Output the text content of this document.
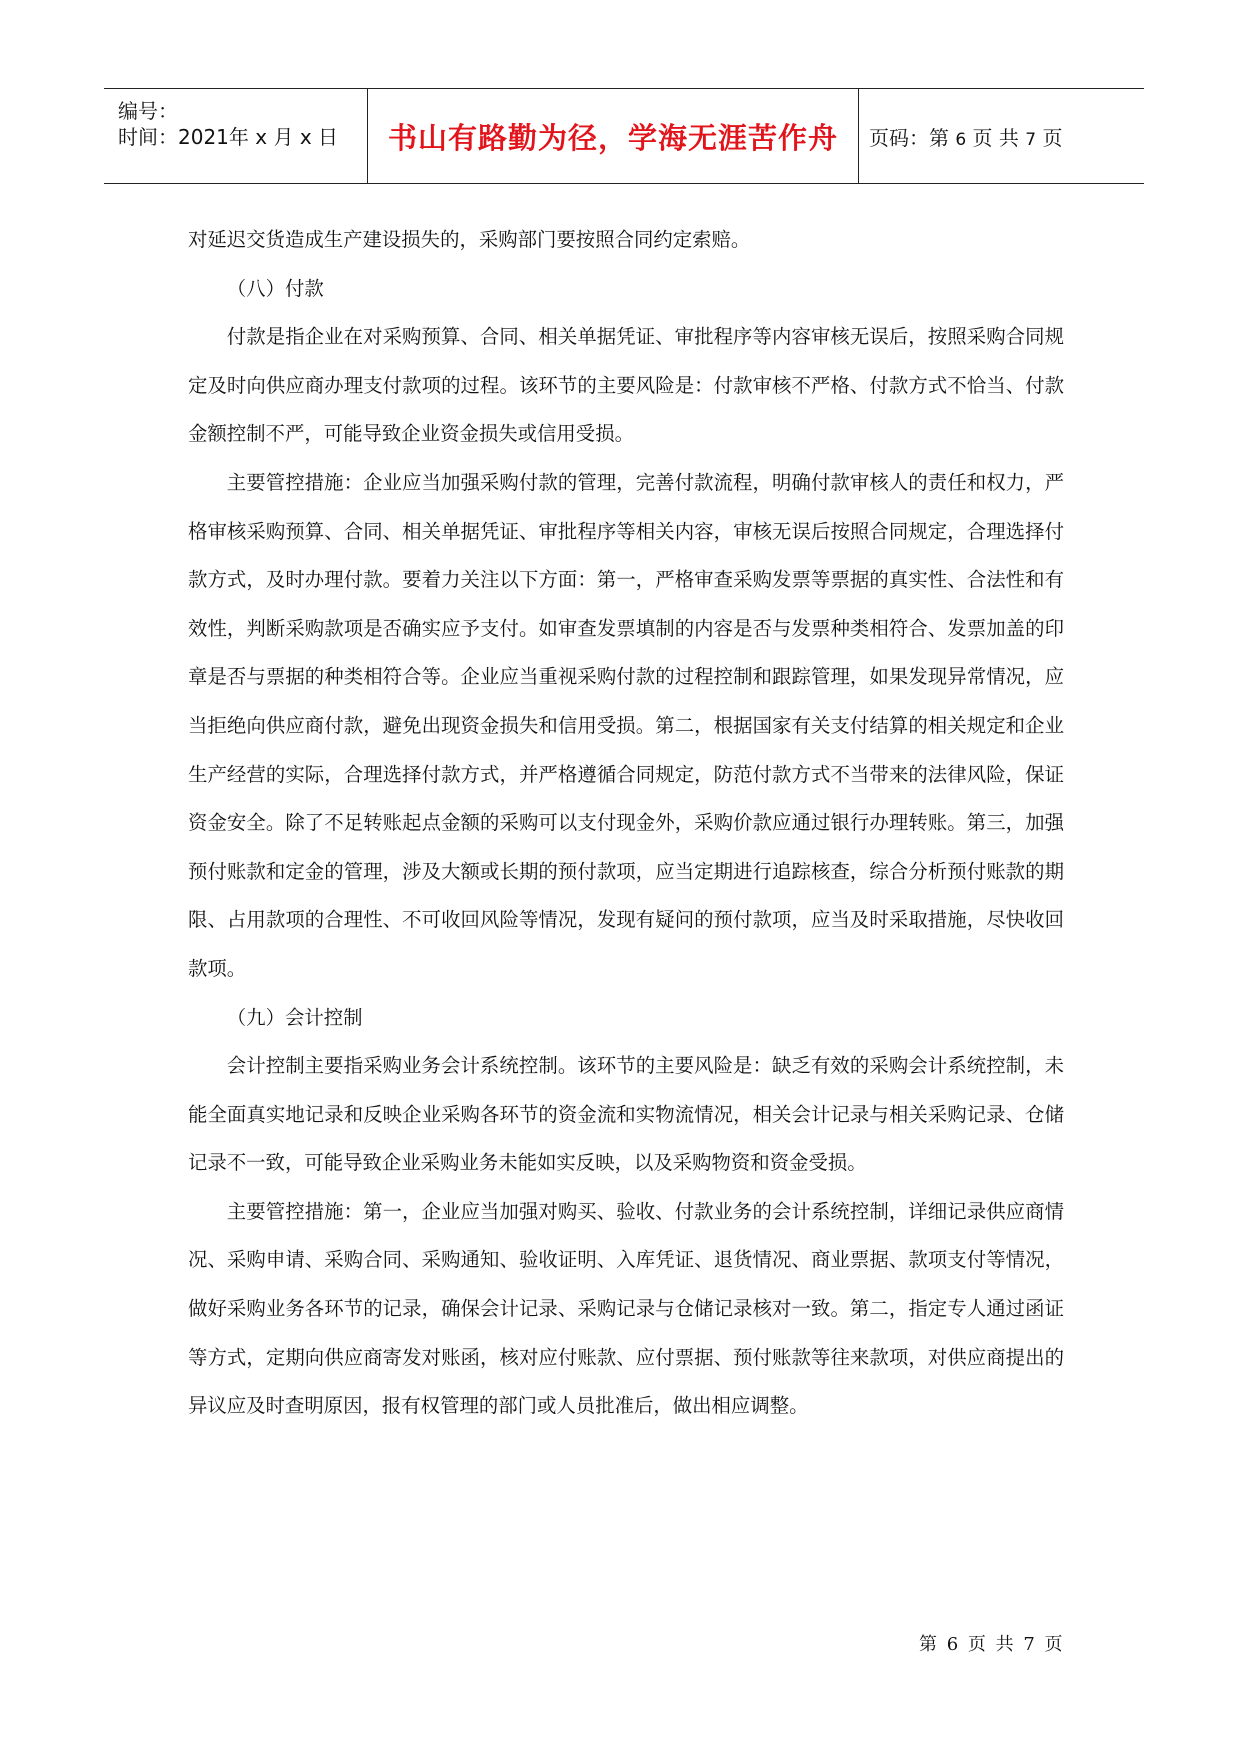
编号：
时间：2021年 x 月 x 日 书山有路勤为径，学海无涯苦作舟 页码：第 6 页 共 7 页

对延迟交货造成生产建设损失的，采购部门要按照合同约定索赔。

（八）付款

付款是指企业在对采购预算、合同、相关单据凭证、审批程序等内容审核无误后，按照采购合同规定及时向供应商办理支付款项的过程。该环节的主要风险是：付款审核不严格、付款方式不恰当、付款金额控制不严，可能导致企业资金损失或信用受损。

主要管控措施：企业应当加强采购付款的管理，完善付款流程，明确付款审核人的责任和权力，严格审核采购预算、合同、相关单据凭证、审批程序等相关内容，审核无误后按照合同规定，合理选择付款方式，及时办理付款。要着力关注以下方面：第一，严格审查采购发票等票据的真实性、合法性和有效性，判断采购款项是否确实应予支付。如审查发票填制的内容是否与发票种类相符合、发票加盖的印章是否与票据的种类相符合等。企业应当重视采购付款的过程控制和跟踪管理，如果发现异常情况，应当拒绝向供应商付款，避免出现资金损失和信用受损。第二，根据国家有关支付结算的相关规定和企业生产经营的实际，合理选择付款方式，并严格遵循合同规定，防范付款方式不当带来的法律风险，保证资金安全。除了不足转账起点金额的采购可以支付现金外，采购价款应通过银行办理转账。第三，加强预付账款和定金的管理，涉及大额或长期的预付款项，应当定期进行追踪核查，综合分析预付账款的期限、占用款项的合理性、不可收回风险等情况，发现有疑问的预付款项，应当及时采取措施，尽快收回款项。

（九）会计控制

会计控制主要指采购业务会计系统控制。该环节的主要风险是：缺乏有效的采购会计系统控制，未能全面真实地记录和反映企业采购各环节的资金流和实物流情况，相关会计记录与相关采购记录、仓储记录不一致，可能导致企业采购业务未能如实反映，以及采购物资和资金受损。

主要管控措施：第一，企业应当加强对购买、验收、付款业务的会计系统控制，详细记录供应商情况、采购申请、采购合同、采购通知、验收证明、入库凭证、退货情况、商业票据、款项支付等情况，做好采购业务各环节的记录，确保会计记录、采购记录与仓储记录核对一致。第二，指定专人通过函证等方式，定期向供应商寄发对账函，核对应付账款、应付票据、预付账款等往来款项，对供应商提出的异议应及时查明原因，报有权管理的部门或人员批准后，做出相应调整。

第 6 页 共 7 页
